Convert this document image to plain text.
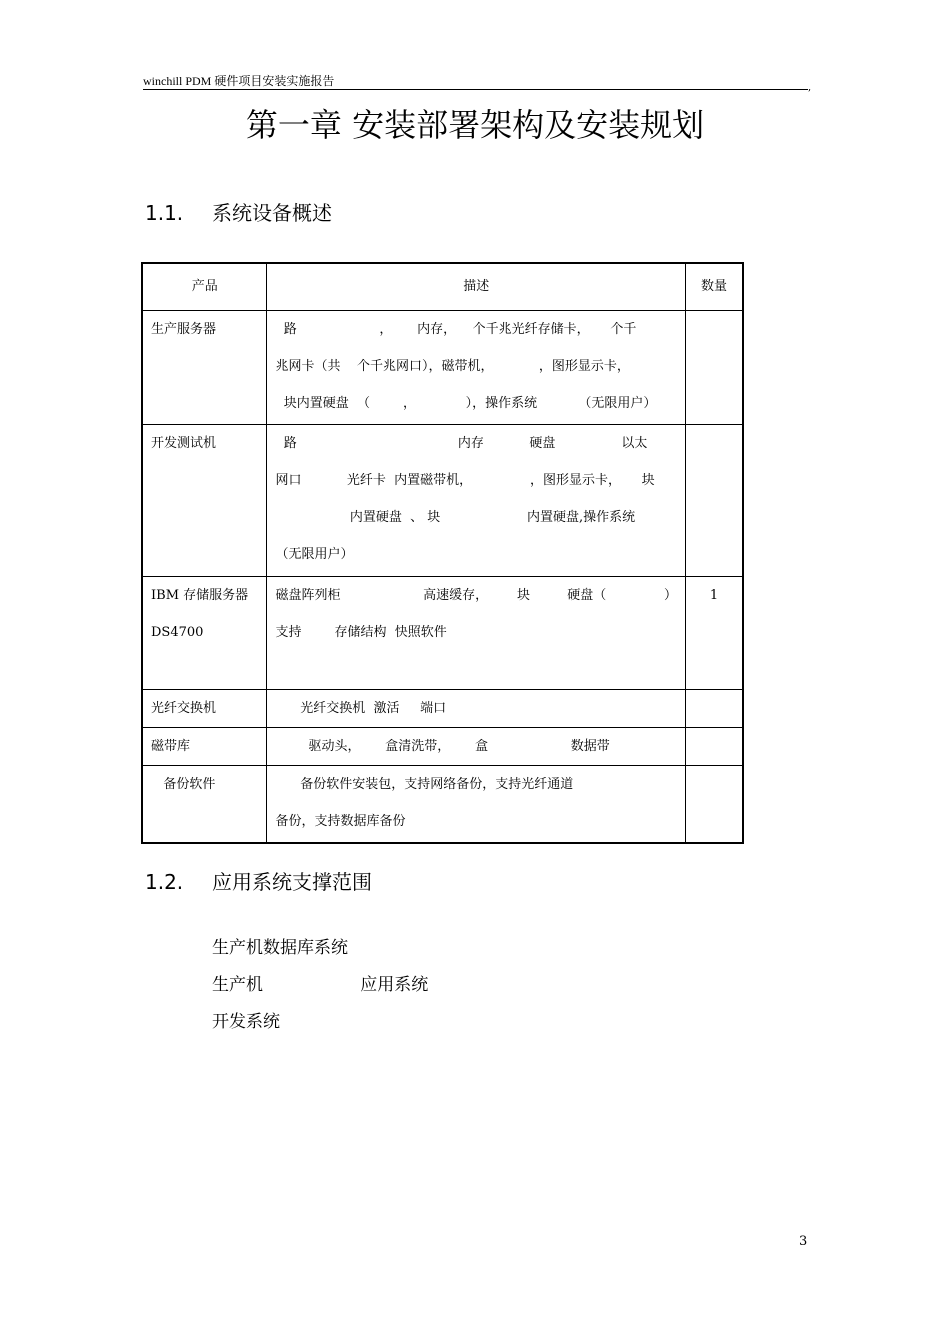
winchill PDM 硬件项目安装实施报告	,
第一章 安装部署架构及安装规划
1.1. 系统设备概述
产品	描述	数量

生产服务器	路                    ，      内存，    个千兆光纤存储卡，     个千
兆网卡（共    个千兆网口），磁带机，           ，图形显示卡，
块内置硬盘  （        ，            ），操作系统          （无限用户）	

开发测试机	路                                       内存           硬盘                以太
网口           光纤卡  内置磁带机，              ，图形显示卡，     块
内置硬盘  、 块                     内置硬盘,操作系统
（无限用户）	

IBM 存储服务器
DS4700	磁盘阵列柜                    高速缓存，       块         硬盘（              ）
支持        存储结构  快照软件	1

光纤交换机	光纤交换机  激活     端口	

磁带库	驱动头，      盒清洗带，      盒                    数据带	

备份软件	备份软件安装包，支持网络备份，支持光纤通道
备份，支持数据库备份	

1.2. 应用系统支撑范围
生产机数据库系统
生产机                  应用系统
开发系统
3
